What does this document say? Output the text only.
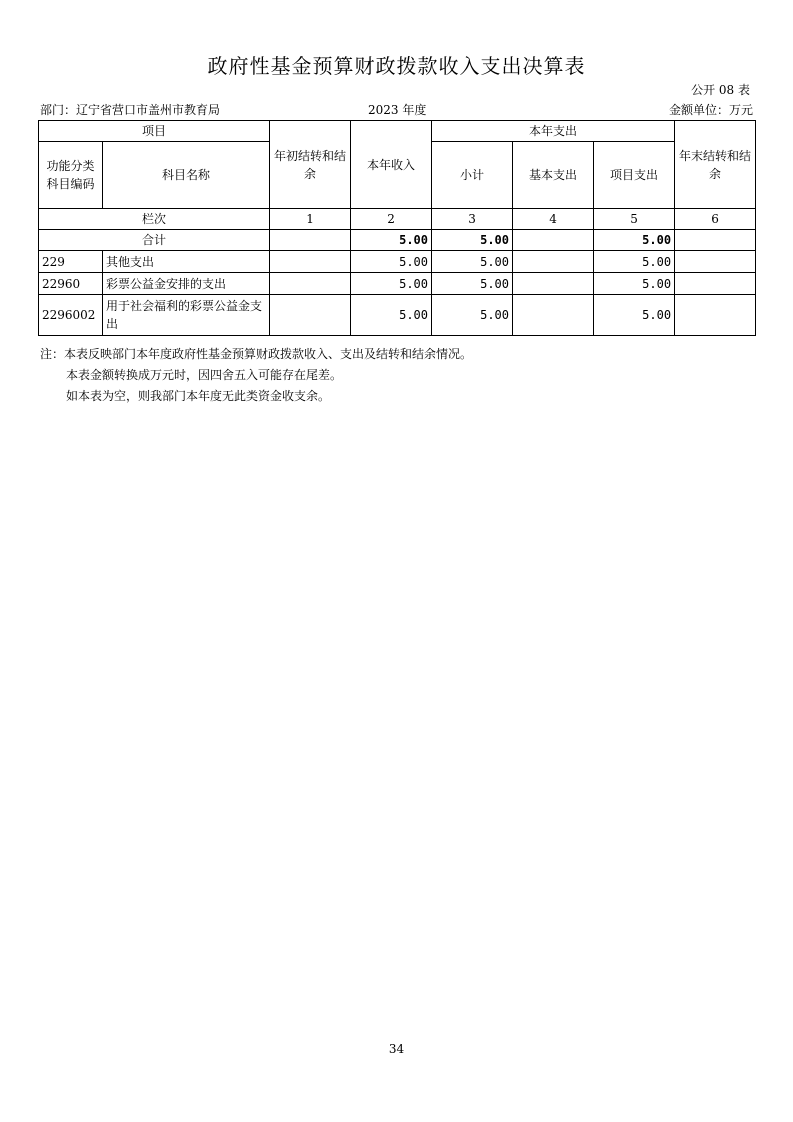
政府性基金预算财政拨款收入支出决算表
公开 08 表
部门：辽宁省营口市盖州市教育局	2023 年度	金额单位：万元
项目		年初结转和结余	本年收入	本年支出			年末结转和结余
功能分类科目编码	科目名称			小计	基本支出	项目支出	
栏次		1	2	3	4	5	6
合计			5.00	5.00		5.00	
229	其他支出		5.00	5.00		5.00	
22960	彩票公益金安排的支出		5.00	5.00		5.00	
2296002	用于社会福利的彩票公益金支出		5.00	5.00		5.00	
注：本表反映部门本年度政府性基金预算财政拨款收入、支出及结转和结余情况。
本表金额转换成万元时，因四舍五入可能存在尾差。
如本表为空，则我部门本年度无此类资金收支余。
34
